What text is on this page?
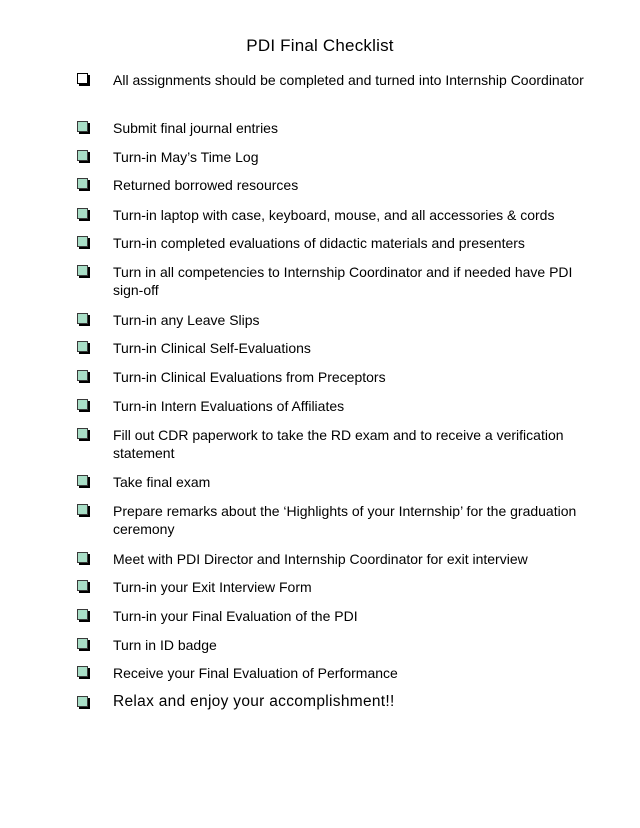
PDI Final Checklist
All assignments should be completed and turned into Internship Coordinator
Submit final journal entries
Turn-in May’s Time Log
Returned borrowed resources
Turn-in laptop with case, keyboard, mouse, and all accessories & cords
Turn-in completed evaluations of didactic materials and presenters
Turn in all competencies to Internship Coordinator and if needed have PDI sign-off
Turn-in any Leave Slips
Turn-in Clinical Self-Evaluations
Turn-in Clinical Evaluations from Preceptors
Turn-in Intern Evaluations of Affiliates
Fill out CDR paperwork to take the RD exam and to receive a verification statement
Take final exam
Prepare remarks about the ‘Highlights of your Internship’ for the graduation ceremony
Meet with PDI Director and Internship Coordinator for exit interview
Turn-in your Exit Interview Form
Turn-in your Final Evaluation of the PDI
Turn in ID badge
Receive your Final Evaluation of Performance
Relax and enjoy your accomplishment!!
